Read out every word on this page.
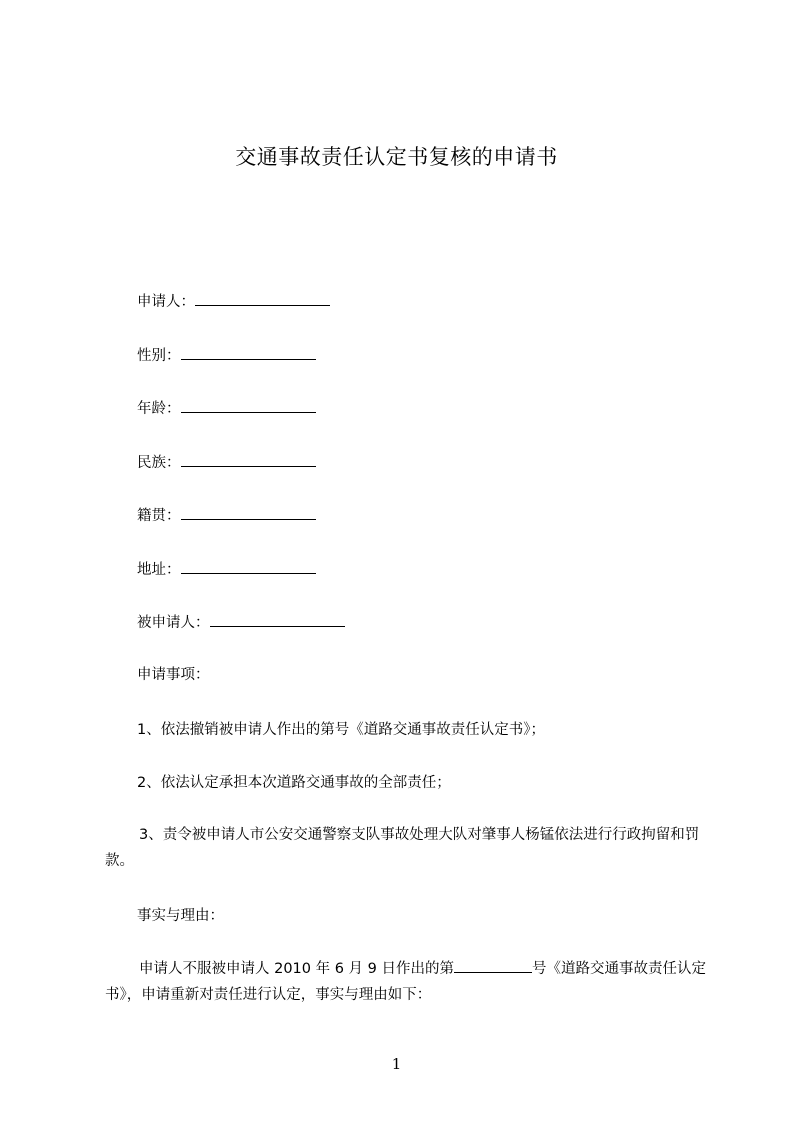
交通事故责任认定书复核的申请书
申请人：
性别：
年龄：
民族：
籍贯：
地址：
被申请人：
申请事项：
1、依法撤销被申请人作出的第号《道路交通事故责任认定书》；
2、依法认定承担本次道路交通事故的全部责任；
3、责令被申请人市公安交通警察支队事故处理大队对肇事人杨锰依法进行行政拘留和罚款。
事实与理由：
申请人不服被申请人 2010 年 6 月 9 日作出的第	号《道路交通事故责任认定书》，申请重新对责任进行认定，事实与理由如下：
1
